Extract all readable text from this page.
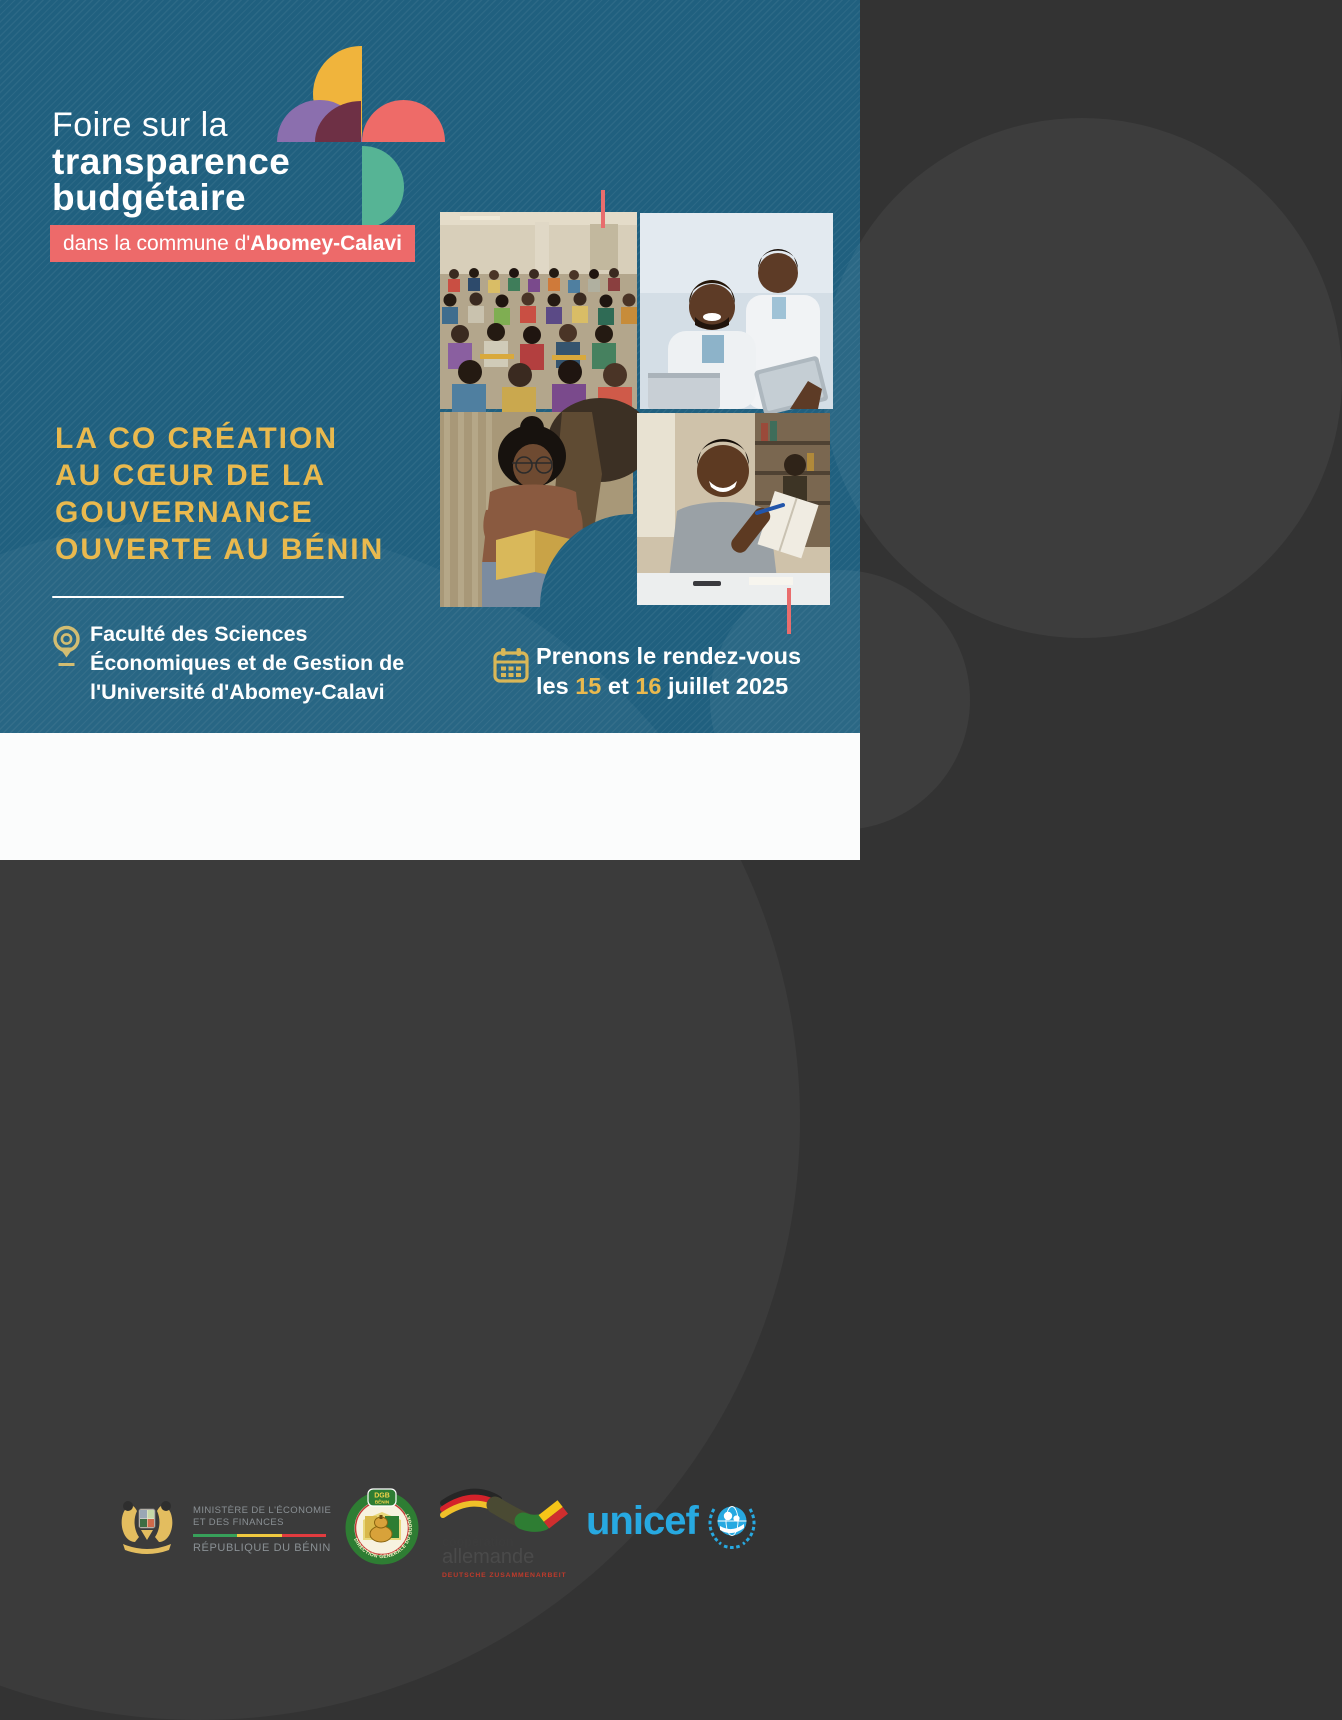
Foire sur la
transparence
budgétaire
dans la commune d'Abomey-Calavi
LA CO CRÉATION
AU CŒUR DE LA
GOUVERNANCE
OUVERTE AU BÉNIN
Faculté des Sciences
Économiques et de Gestion de
l'Université d'Abomey-Calavi
Prenons le rendez-vous
les 15 et 16 juillet 2025
MINISTÈRE DE L'ÉCONOMIE
ET DES FINANCES
RÉPUBLIQUE DU BÉNIN
DIRECTION GENERALE DU BUDGET
DGB
BÉNIN
coopération
allemande
DEUTSCHE ZUSAMMENARBEIT
unicef
